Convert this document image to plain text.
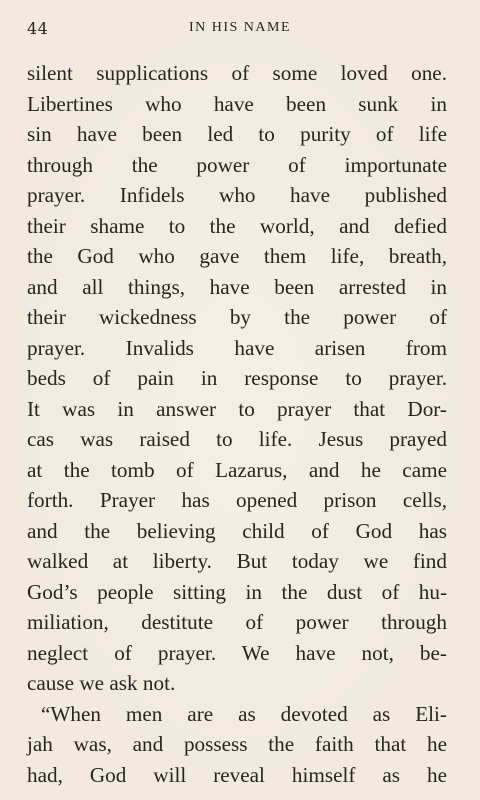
44	IN HIS NAME
silent supplications of some loved one.
Libertines who have been sunk in
sin have been led to purity of life
through the power of importunate
prayer. Infidels who have published
their shame to the world, and defied
the God who gave them life, breath,
and all things, have been arrested in
their wickedness by the power of
prayer. Invalids have arisen from
beds of pain in response to prayer.
It was in answer to prayer that Dor-
cas was raised to life. Jesus prayed
at the tomb of Lazarus, and he came
forth. Prayer has opened prison cells,
and the believing child of God has
walked at liberty. But today we find
God’s people sitting in the dust of hu-
miliation, destitute of power through
neglect of prayer. We have not, be-
cause we ask not.
“When men are as devoted as Eli-
jah was, and possess the faith that he
had, God will reveal himself as he
